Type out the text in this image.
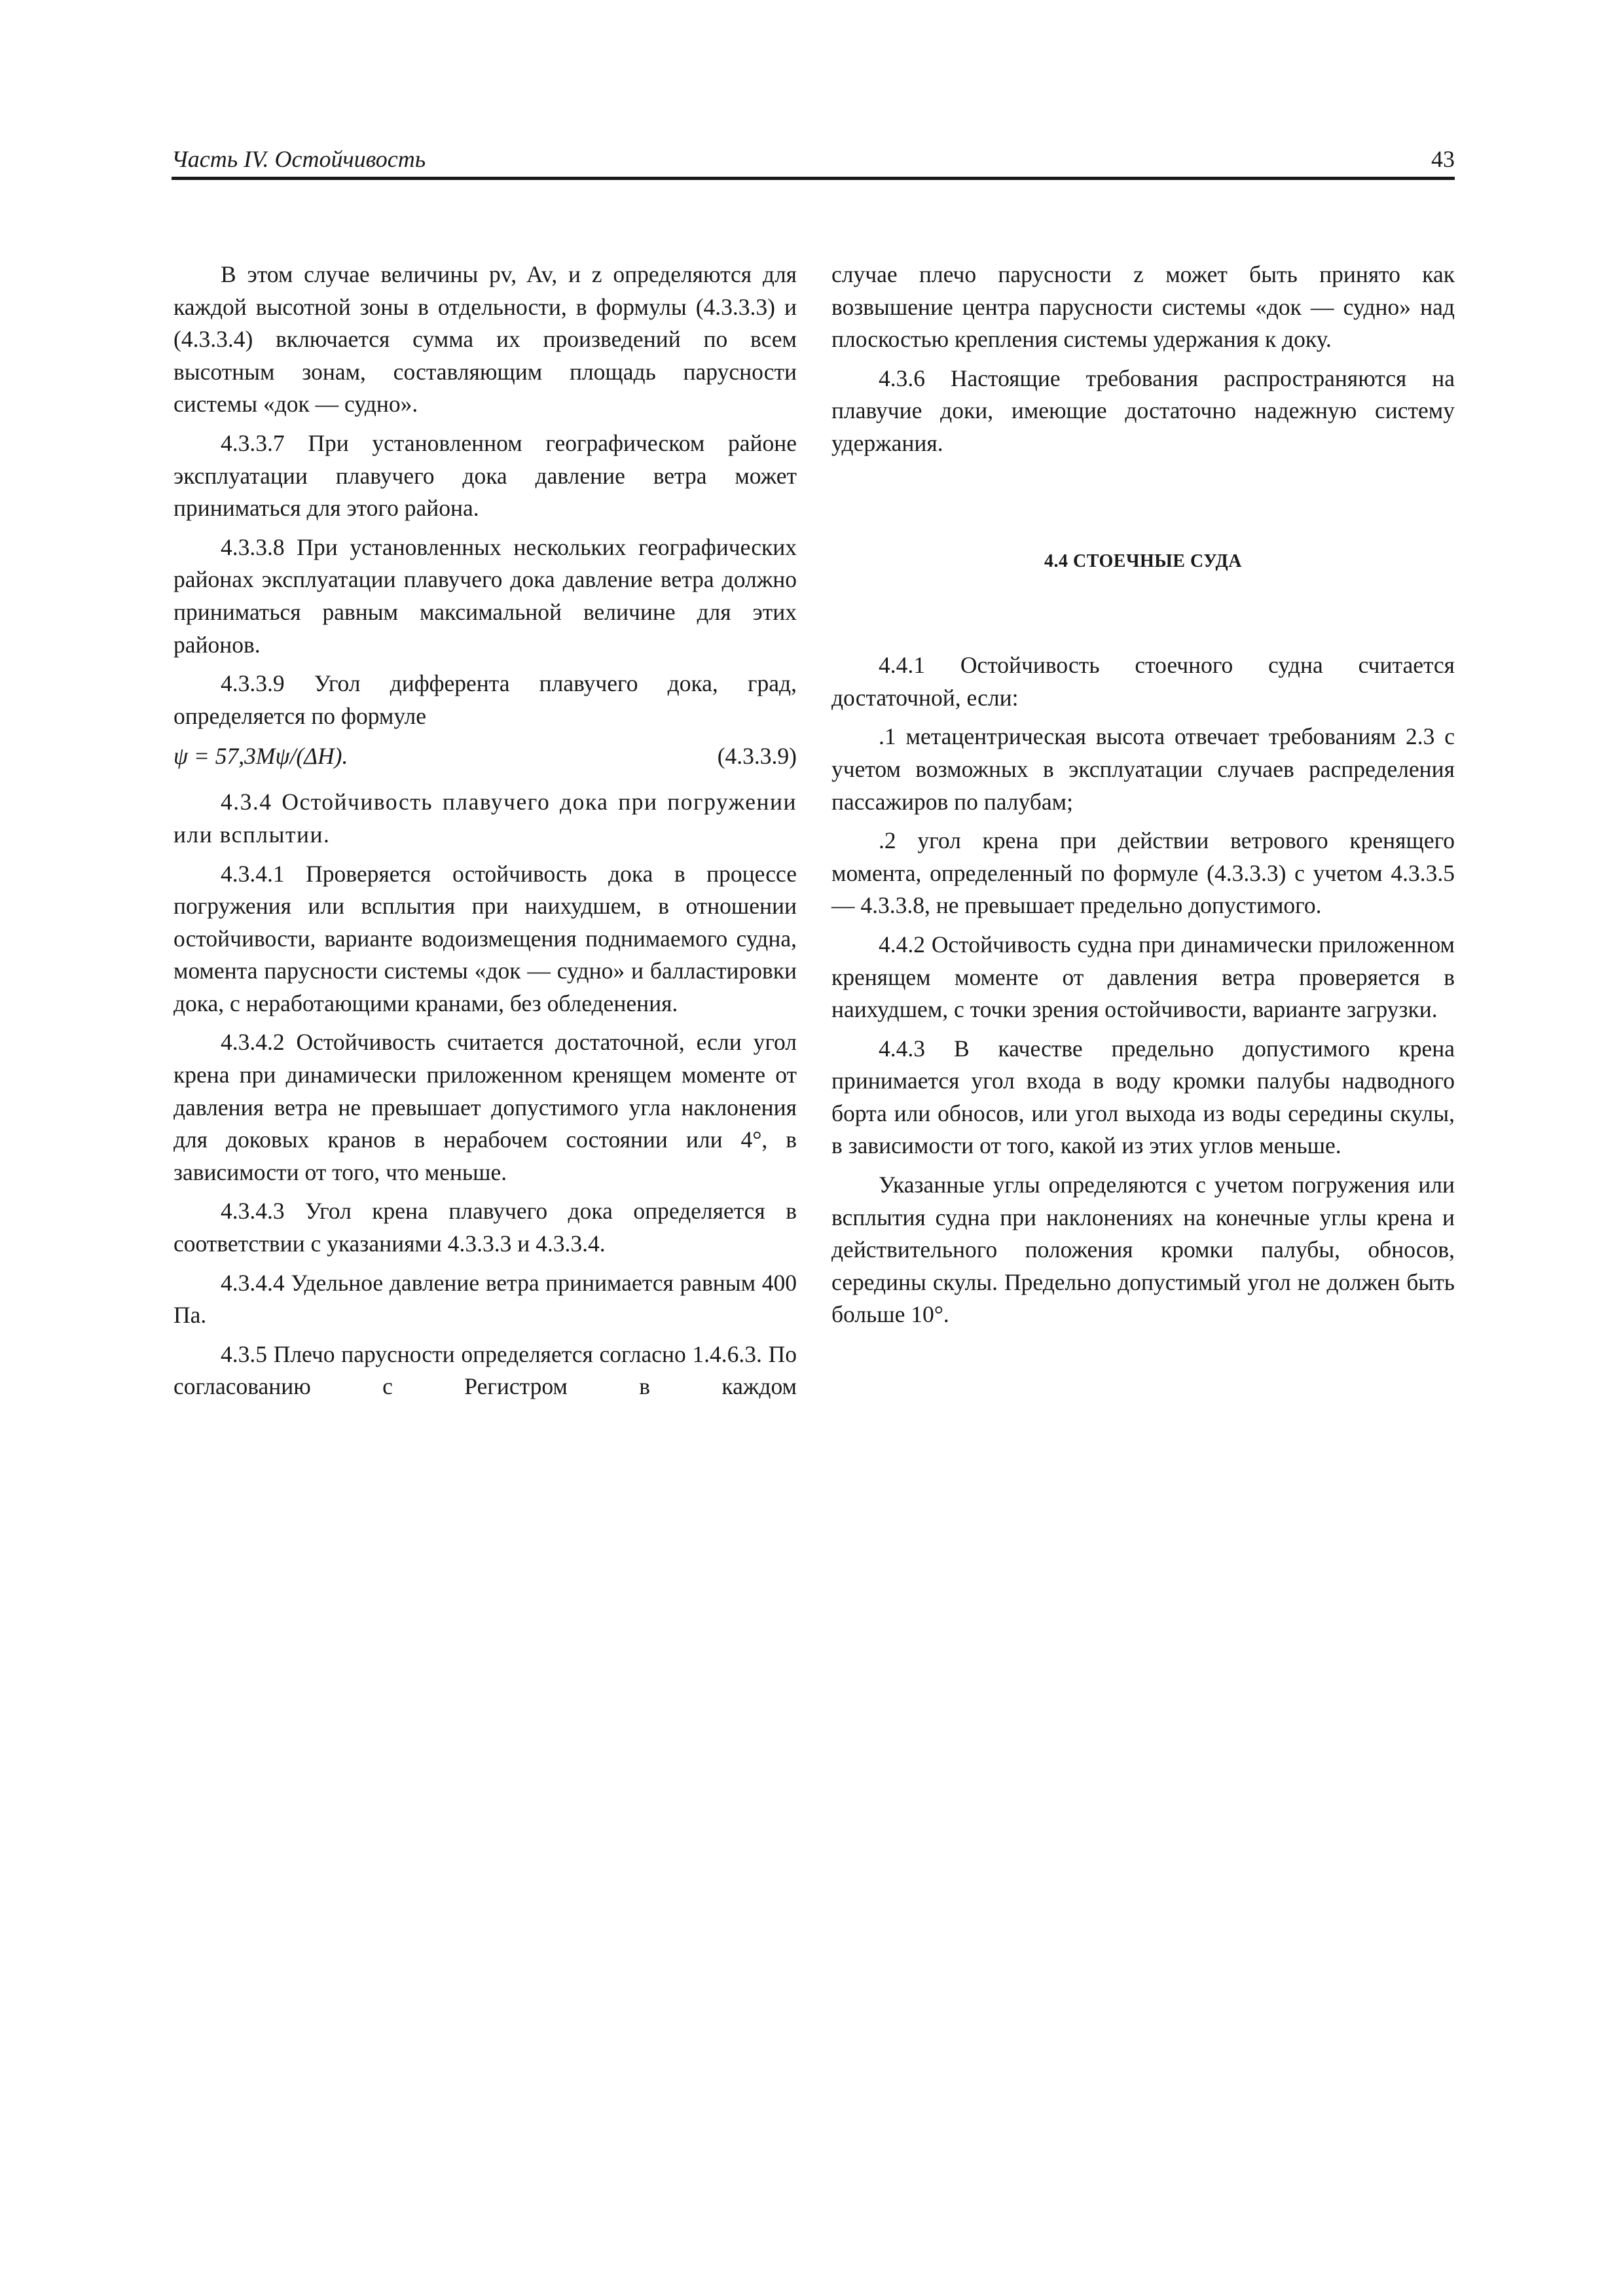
Часть IV. Остойчивость	43

В этом случае величины pv, Av, и z определяются для каждой высотной зоны в отдельности, в формулы (4.3.3.3) и (4.3.3.4) включается сумма их произведений по всем высотным зонам, составляющим площадь парусности системы «док — судно».

4.3.3.7 При установленном географическом районе эксплуатации плавучего дока давление ветра может приниматься для этого района.

4.3.3.8 При установленных нескольких географических районах эксплуатации плавучего дока давление ветра должно приниматься равным максимальной величине для этих районов.

4.3.3.9 Угол дифферента плавучего дока, град, определяется по формуле

ψ = 57,3Mψ/(ΔH).	(4.3.3.9)

4.3.4 Остойчивость плавучего дока при погружении или всплытии.

4.3.4.1 Проверяется остойчивость дока в процессе погружения или всплытия при наихудшем, в отношении остойчивости, варианте водоизмещения поднимаемого судна, момента парусности системы «док — судно» и балластировки дока, с неработающими кранами, без обледенения.

4.3.4.2 Остойчивость считается достаточной, если угол крена при динамически приложенном кренящем моменте от давления ветра не превышает допустимого угла наклонения для доковых кранов в нерабочем состоянии или 4°, в зависимости от того, что меньше.

4.3.4.3 Угол крена плавучего дока определяется в соответствии с указаниями 4.3.3.3 и 4.3.3.4.

4.3.4.4 Удельное давление ветра принимается равным 400 Па.

4.3.5 Плечо парусности определяется согласно 1.4.6.3. По согласованию с Регистром в каждом

случае плечо парусности z может быть принято как возвышение центра парусности системы «док — судно» над плоскостью крепления системы удержания к доку.

4.3.6 Настоящие требования распространяются на плавучие доки, имеющие достаточно надежную систему удержания.

4.4 СТОЕЧНЫЕ СУДА

4.4.1 Остойчивость стоечного судна считается достаточной, если:

.1 метацентрическая высота отвечает требованиям 2.3 с учетом возможных в эксплуатации случаев распределения пассажиров по палубам;

.2 угол крена при действии ветрового кренящего момента, определенный по формуле (4.3.3.3) с учетом 4.3.3.5 — 4.3.3.8, не превышает предельно допустимого.

4.4.2 Остойчивость судна при динамически приложенном кренящем моменте от давления ветра проверяется в наихудшем, с точки зрения остойчивости, варианте загрузки.

4.4.3 В качестве предельно допустимого крена принимается угол входа в воду кромки палубы надводного борта или обносов, или угол выхода из воды середины скулы, в зависимости от того, какой из этих углов меньше.

Указанные углы определяются с учетом погружения или всплытия судна при наклонениях на конечные углы крена и действительного положения кромки палубы, обносов, середины скулы. Предельно допустимый угол не должен быть больше 10°.
